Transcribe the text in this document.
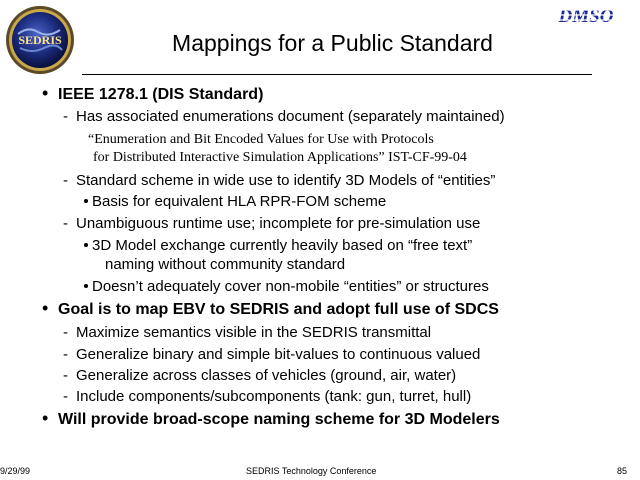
SEDRIS
DMSO
Mappings for a Public Standard
• IEEE 1278.1 (DIS Standard)
- Has associated enumerations document (separately maintained)
“Enumeration and Bit Encoded Values for Use with Protocols
for Distributed Interactive Simulation Applications” IST-CF-99-04
- Standard scheme in wide use to identify 3D Models of “entities”
Basis for equivalent HLA RPR-FOM scheme
- Unambiguous runtime use; incomplete for pre-simulation use
3D Model exchange currently heavily based on “free text”
naming without community standard
Doesn’t adequately cover non-mobile “entities” or structures
• Goal is to map EBV to SEDRIS and adopt full use of SDCS
- Maximize semantics visible in the SEDRIS transmittal
- Generalize binary and simple bit-values to continuous valued
- Generalize across classes of vehicles (ground, air, water)
- Include components/subcomponents (tank: gun, turret, hull)
• Will provide broad-scope naming scheme for 3D Modelers
9/29/99	SEDRIS Technology Conference	85
